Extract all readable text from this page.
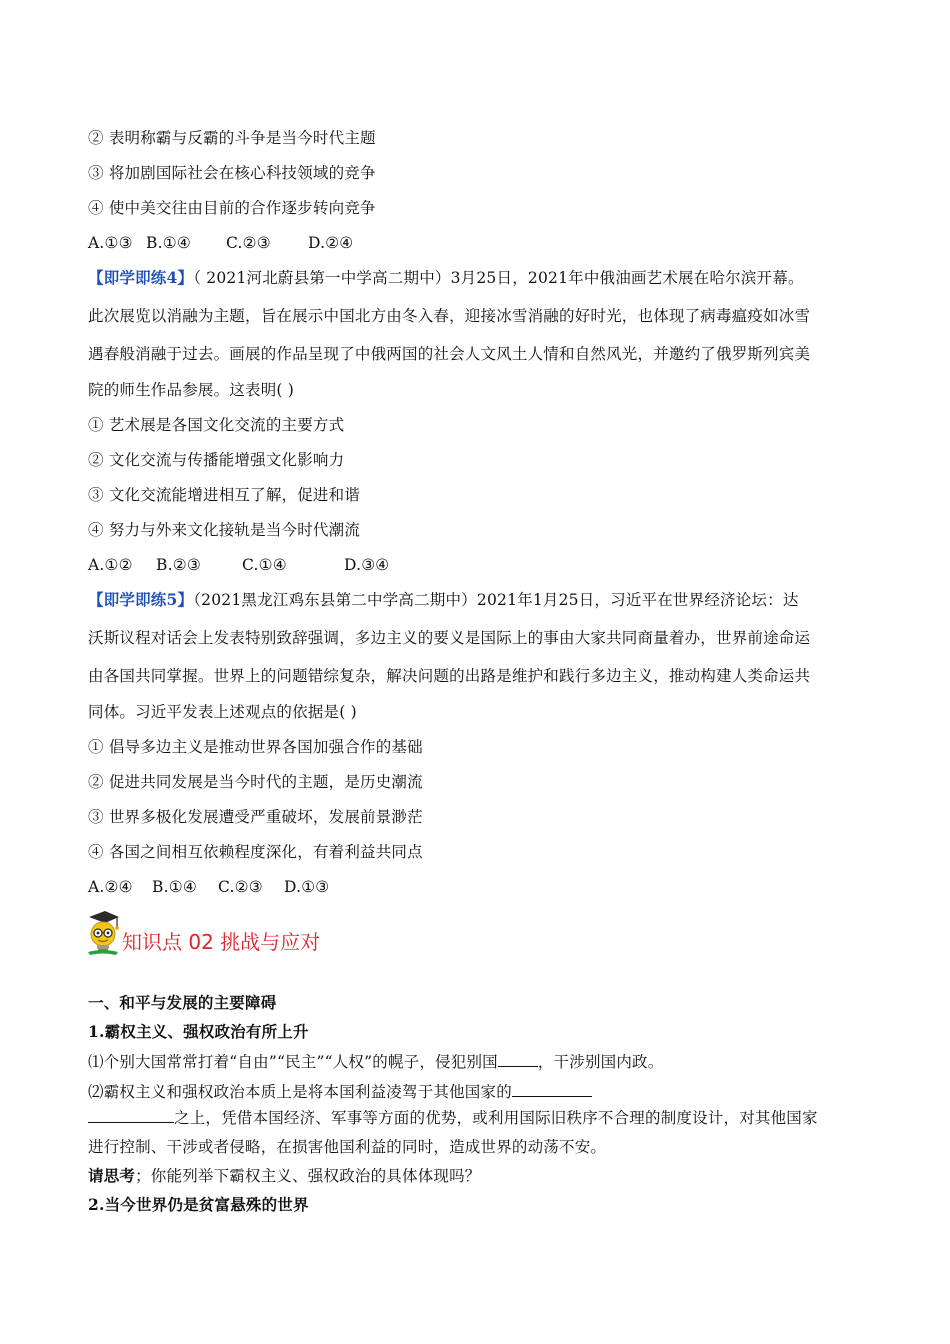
② 表明称霸与反霸的斗争是当今时代主题
③ 将加剧国际社会在核心科技领域的竞争
④ 使中美交往由目前的合作逐步转向竞争
A.①③ B.①④ C.②③ D.②④
【即学即练4】（ 2021河北蔚县第一中学高二期中）3月25日，2021年中俄油画艺术展在哈尔滨开幕。
此次展览以消融为主题，旨在展示中国北方由冬入春，迎接冰雪消融的好时光，也体现了病毒瘟疫如冰雪
遇春般消融于过去。画展的作品呈现了中俄两国的社会人文风土人情和自然风光，并邀约了俄罗斯列宾美
院的师生作品参展。这表明( )
① 艺术展是各国文化交流的主要方式
② 文化交流与传播能增强文化影响力
③ 文化交流能增进相互了解，促进和谐
④ 努力与外来文化接轨是当今时代潮流
A.①② B.②③	C.①④	D.③④
【即学即练5】（2021黑龙江鸡东县第二中学高二期中）2021年1月25日，习近平在世界经济论坛：达
沃斯议程对话会上发表特别致辞强调，多边主义的要义是国际上的事由大家共同商量着办，世界前途命运
由各国共同掌握。世界上的问题错综复杂，解决问题的出路是维护和践行多边主义，推动构建人类命运共
同体。习近平发表上述观点的依据是( )
① 倡导多边主义是推动世界各国加强合作的基础
② 促进共同发展是当今时代的主题，是历史潮流
③ 世界多极化发展遭受严重破坏，发展前景渺茫
④ 各国之间相互依赖程度深化，有着利益共同点
A.②④ B.①④ C.②③ D.①③
知识点 02 挑战与应对
一、和平与发展的主要障碍
1.霸权主义、强权政治有所上升
⑴个别大国常常打着“自由”“民主”“人权”的幌子，侵犯别国	，干涉别国内政。
⑵霸权主义和强权政治本质上是将本国利益凌驾于其他国家的
之上，凭借本国经济、军事等方面的优势，或利用国际旧秩序不合理的制度设计，对其他国家
进行控制、干涉或者侵略，在损害他国利益的同时，造成世界的动荡不安。
请思考；你能列举下霸权主义、强权政治的具体体现吗？
2.当今世界仍是贫富悬殊的世界
